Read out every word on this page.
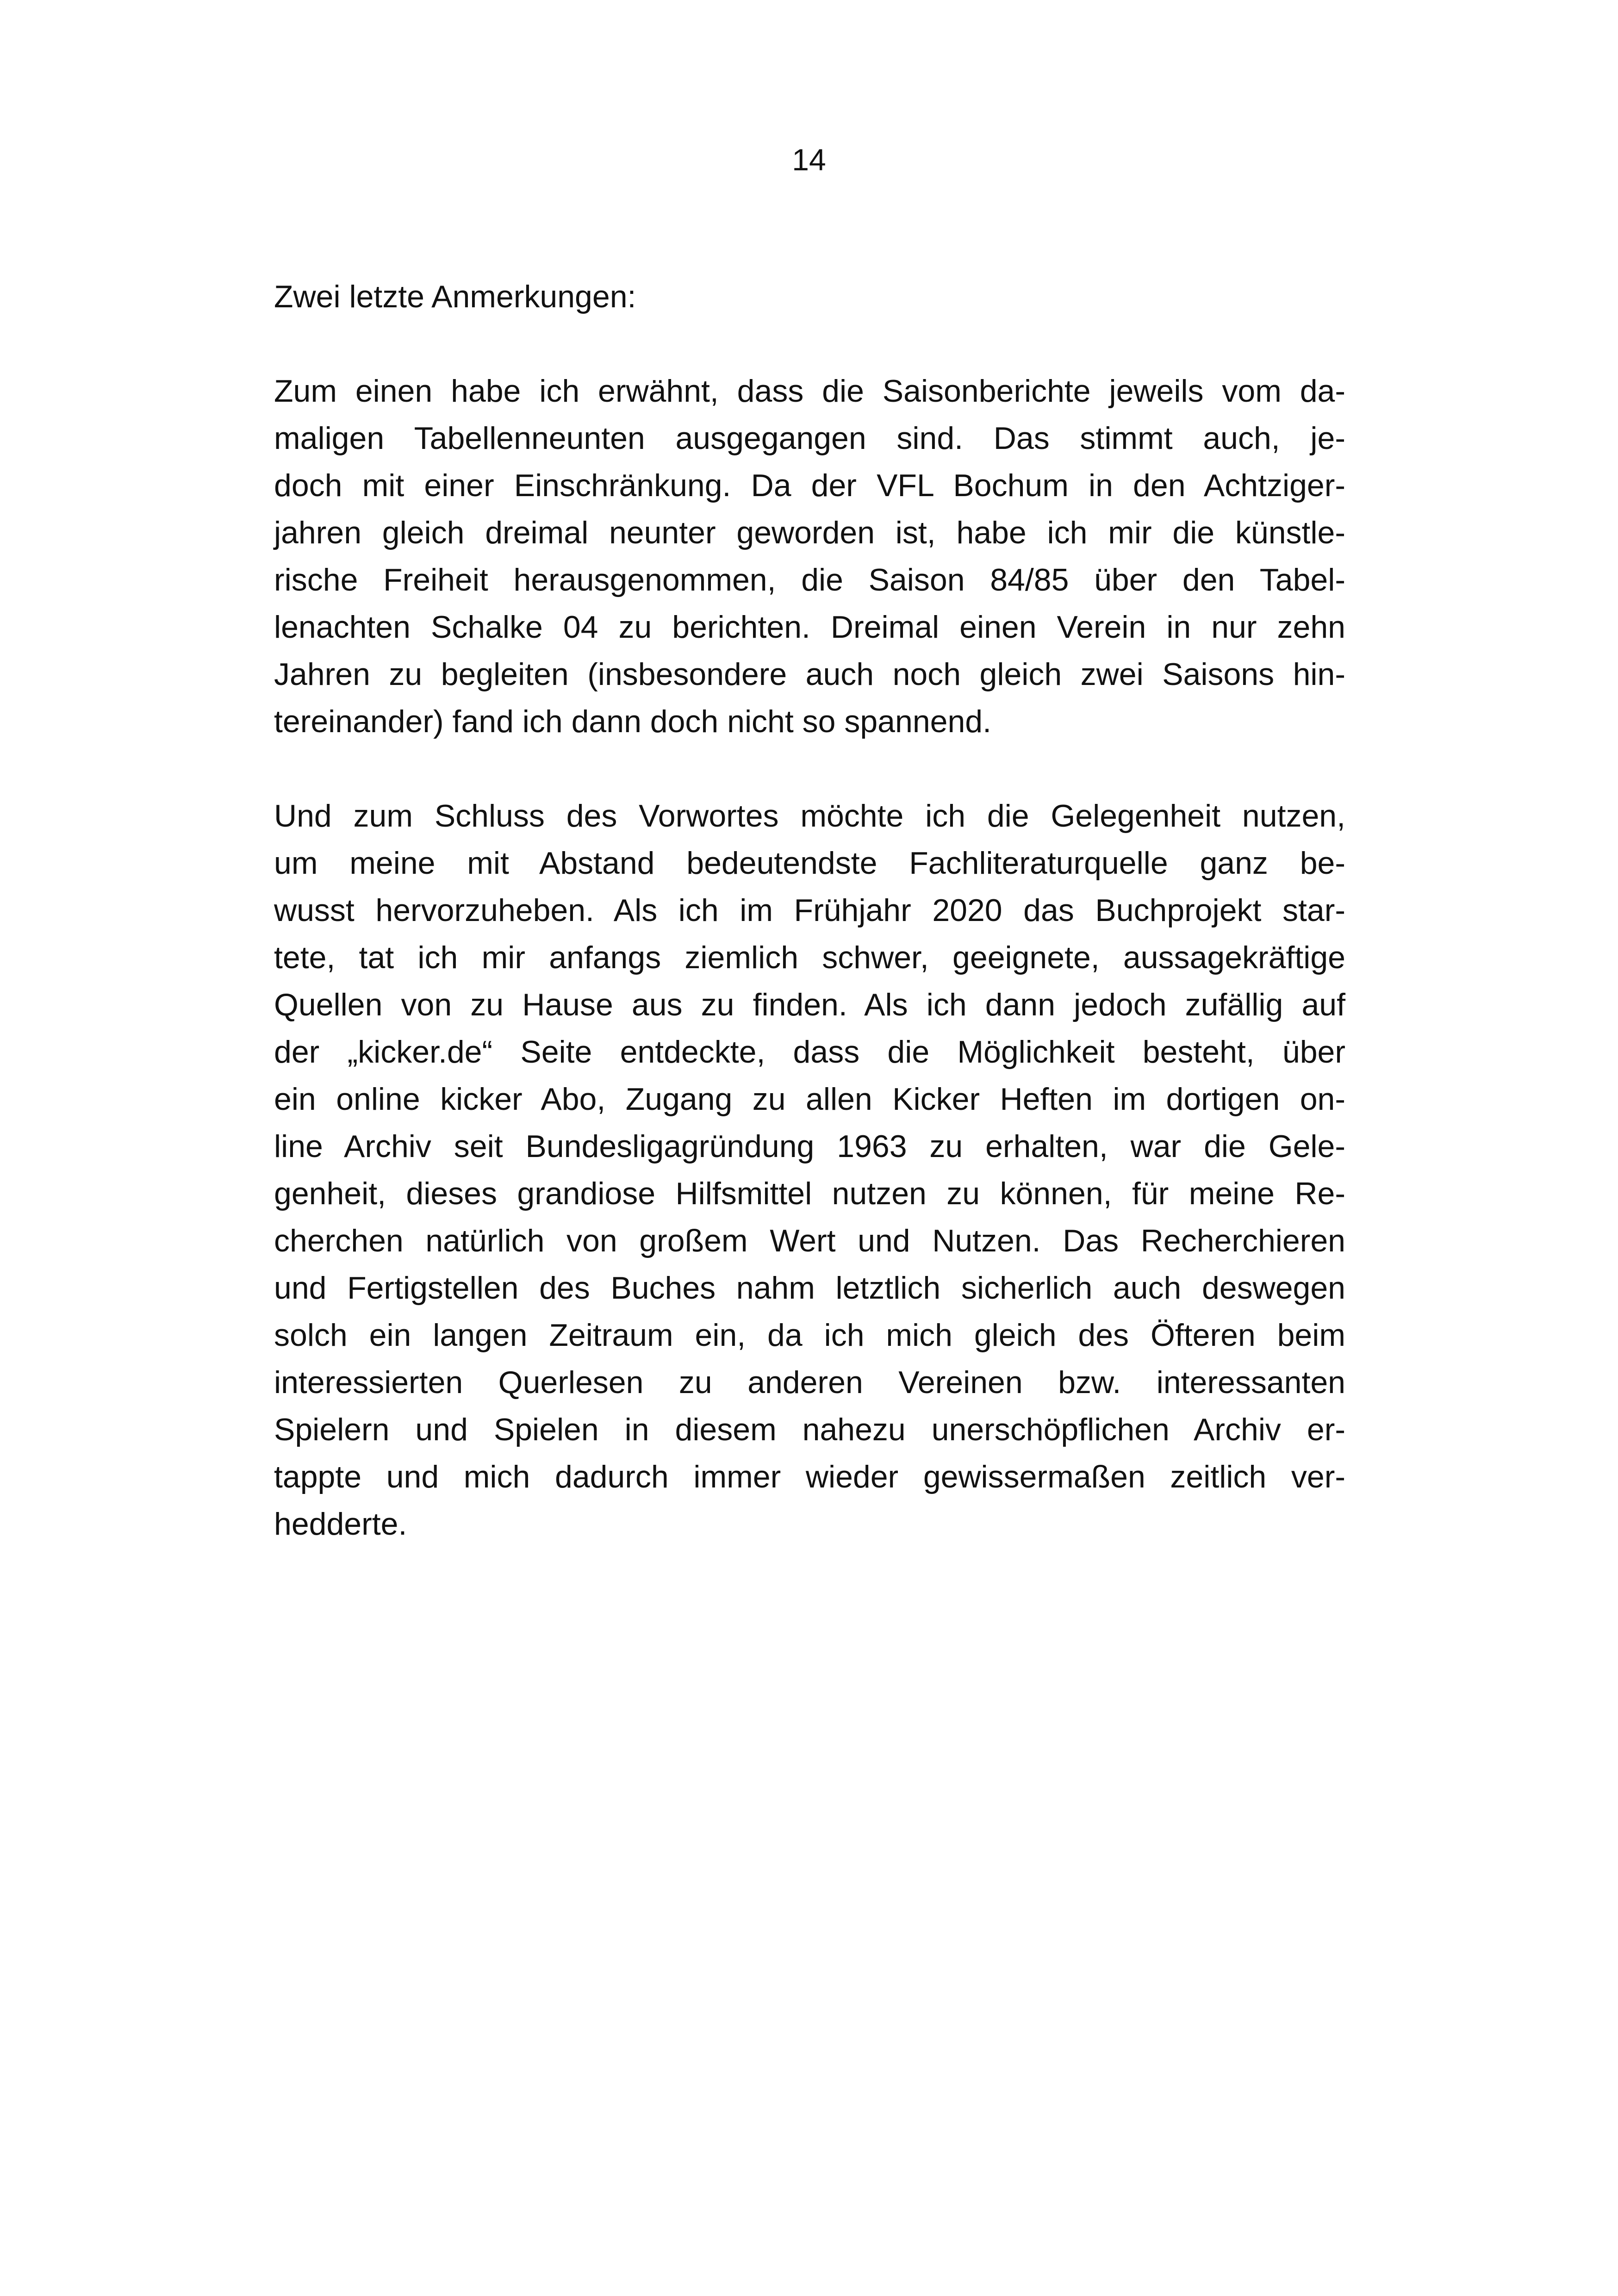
14
Zwei letzte Anmerkungen:
Zum einen habe ich erwähnt, dass die Saisonberichte jeweils vom da-
maligen Tabellenneunten ausgegangen sind. Das stimmt auch, je-
doch mit einer Einschränkung. Da der VFL Bochum in den Achtziger-
jahren gleich dreimal neunter geworden ist, habe ich mir die künstle-
rische Freiheit herausgenommen, die Saison 84/85 über den Tabel-
lenachten Schalke 04 zu berichten. Dreimal einen Verein in nur zehn
Jahren zu begleiten (insbesondere auch noch gleich zwei Saisons hin-
tereinander) fand ich dann doch nicht so spannend.
Und zum Schluss des Vorwortes möchte ich die Gelegenheit nutzen,
um meine mit Abstand bedeutendste Fachliteraturquelle ganz be-
wusst hervorzuheben. Als ich im Frühjahr 2020 das Buchprojekt star-
tete, tat ich mir anfangs ziemlich schwer, geeignete, aussagekräftige
Quellen von zu Hause aus zu finden. Als ich dann jedoch zufällig auf
der „kicker.de“ Seite entdeckte, dass die Möglichkeit besteht, über
ein online kicker Abo, Zugang zu allen Kicker Heften im dortigen on-
line Archiv seit Bundesligagründung 1963 zu erhalten, war die Gele-
genheit, dieses grandiose Hilfsmittel nutzen zu können, für meine Re-
cherchen natürlich von großem Wert und Nutzen. Das Recherchieren
und Fertigstellen des Buches nahm letztlich sicherlich auch deswegen
solch ein langen Zeitraum ein, da ich mich gleich des Öfteren beim
interessierten Querlesen zu anderen Vereinen bzw. interessanten
Spielern und Spielen in diesem nahezu unerschöpflichen Archiv er-
tappte und mich dadurch immer wieder gewissermaßen zeitlich ver-
hedderte.
